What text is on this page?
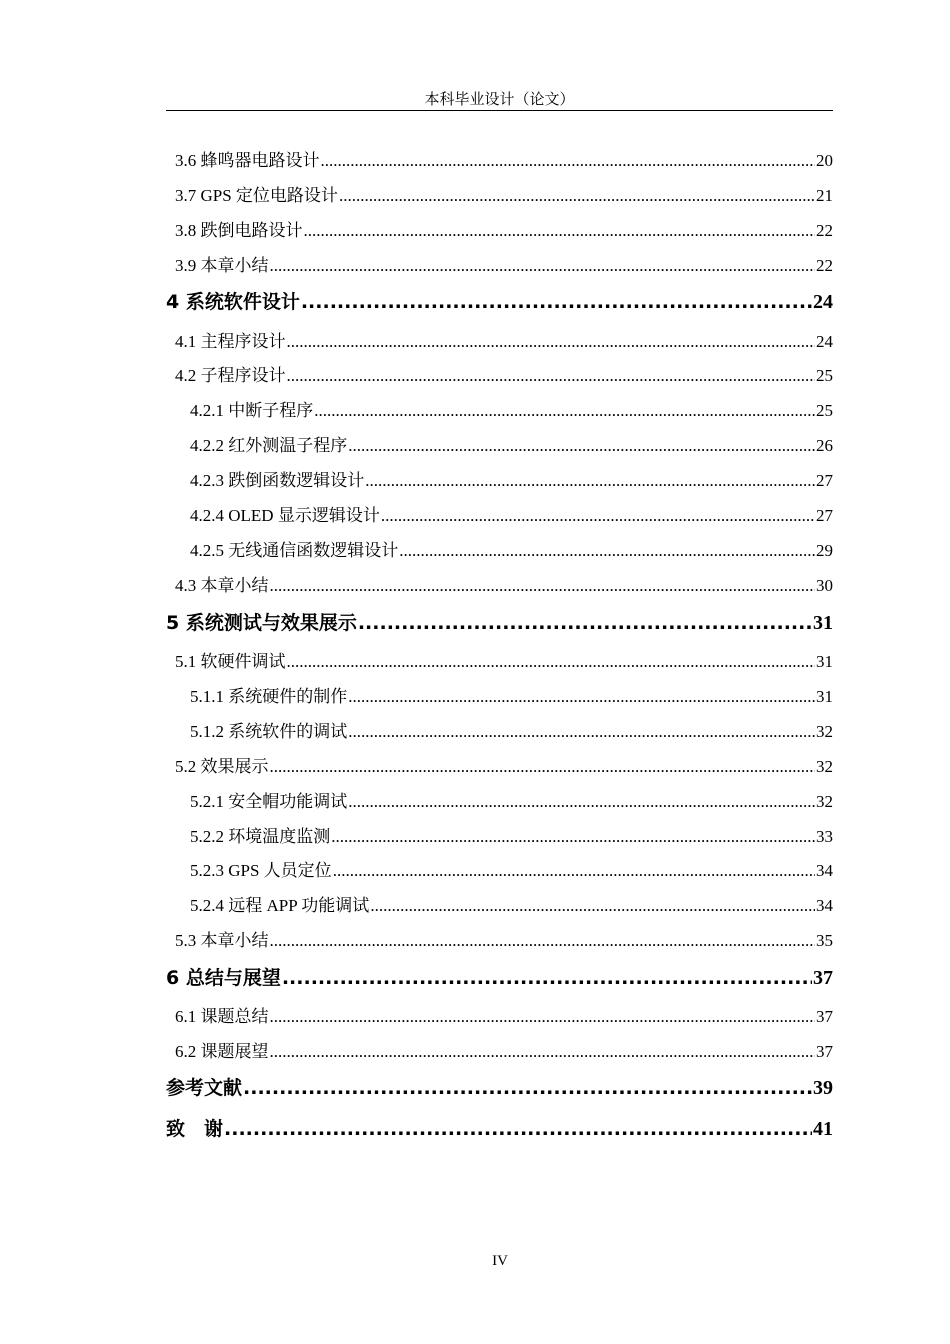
本科毕业设计（论文）
3.6 蜂鸣器电路设计 .....	20
3.7 GPS 定位电路设计 .....	21
3.8 跌倒电路设计 .....	22
3.9 本章小结 .....	22
4 系统软件设计 .....	24
4.1 主程序设计 .....	24
4.2 子程序设计 .....	25
4.2.1 中断子程序 .....	25
4.2.2 红外测温子程序 .....	26
4.2.3 跌倒函数逻辑设计 .....	27
4.2.4 OLED 显示逻辑设计 .....	27
4.2.5 无线通信函数逻辑设计 .....	29
4.3 本章小结 .....	30
5 系统测试与效果展示 .....	31
5.1 软硬件调试 .....	31
5.1.1 系统硬件的制作 .....	31
5.1.2 系统软件的调试 .....	32
5.2 效果展示 .....	32
5.2.1 安全帽功能调试 .....	32
5.2.2 环境温度监测 .....	33
5.2.3 GPS 人员定位 .....	34
5.2.4 远程 APP 功能调试 .....	34
5.3 本章小结 .....	35
6 总结与展望 .....	37
6.1 课题总结 .....	37
6.2 课题展望 .....	37
参考文献 .....	39
致　谢 .....	41
IV
